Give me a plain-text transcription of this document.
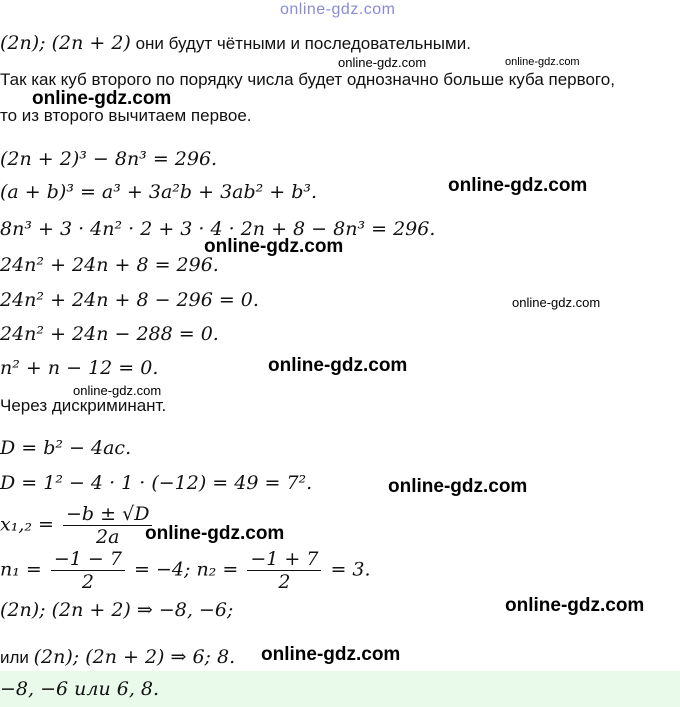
online-gdz.com
(2n); (2n + 2) они будут чётными и последовательными.
Так как куб второго по порядку числа будет однозначно больше куба первого,
то из второго вычитаем первое.
(2n + 2)³ − 8n³ = 296.
(a + b)³ = a³ + 3a²b + 3ab² + b³.
8n³ + 3 · 4n² · 2 + 3 · 4 · 2n + 8 − 8n³ = 296.
24n² + 24n + 8 = 296.
24n² + 24n + 8 − 296 = 0.
24n² + 24n − 288 = 0.
n² + n − 12 = 0.
Через дискриминант.
D = b² − 4ac.
D = 1² − 4 · 1 · (−12) = 49 = 7².
$x_1,_2 = \frac{-b \pm √D}{2a}$
$n_1 = \frac{-1 - 7}{2} = -4$; $n_2 = \frac{-1 + 7}{2} = 3$.
(2n); (2n + 2) ⇒ −8, −6;
или (2n); (2n + 2) ⇒ 6; 8.
−8, −6 или 6, 8.
online-gdz.com	online-gdz.com
online-gdz.com
online-gdz.com
online-gdz.com
online-gdz.com
online-gdz.com
online-gdz.com
online-gdz.com
online-gdz.com
online-gdz.com
online-gdz.com
